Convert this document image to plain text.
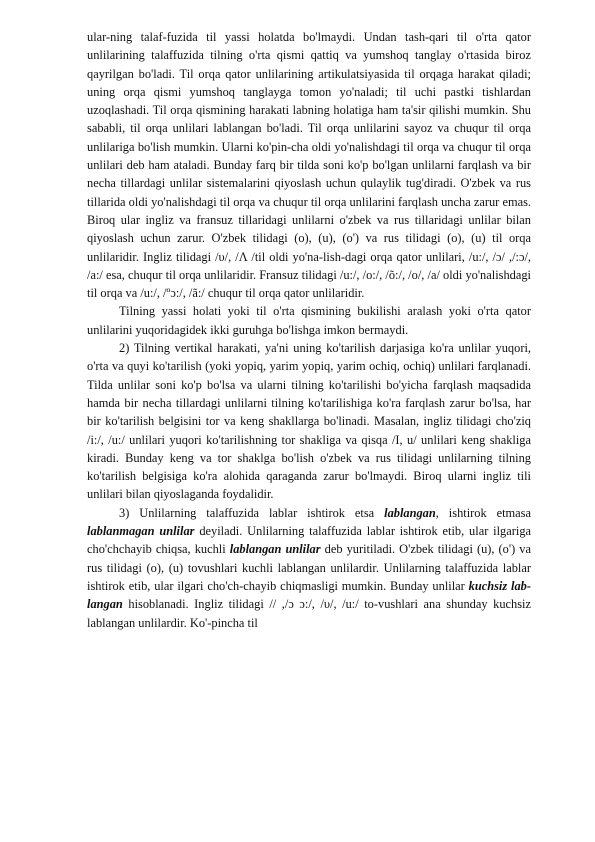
ular-ning talaf-fuzida til yassi holatda bo'lmaydi. Undan tash-qari til o'rta qator unlilarining talaffuzida tilning o'rta qismi qattiq va yumshoq tanglay o'rtasida biroz qayrilgan bo'ladi. Til orqa qator unlilarining artikulatsiyasida til orqaga harakat qiladi; uning orqa qismi yumshoq tanglayga tomon yo'naladi; til uchi pastki tishlardan uzoqlashadi. Til orqa qismining harakati labning holatiga ham ta'sir qilishi mumkin. Shu sababli, til orqa unlilari lablangan bo'ladi. Til orqa unlilarini sayoz va chuqur til orqa unlilariga bo'lish mumkin. Ularni ko'pin-cha oldi yo'nalishdagi til orqa va chuqur til orqa unlilari deb ham ataladi. Bunday farq bir tilda soni ko'p bo'lgan unlilarni farqlash va bir necha tillardagi unlilar sistemalarini qiyoslash uchun qulaylik tug'diradi. O'zbek va rus tillarida oldi yo'nalishdagi til orqa va chuqur til orqa unlilarini farqlash uncha zarur emas. Biroq ular ingliz va fransuz tillaridagi unlilarni o'zbek va rus tillaridagi unlilar bilan qiyoslash uchun zarur. O'zbek tilidagi (o), (u), (o') va rus tilidagi (o), (u) til orqa unlilaridir. Ingliz tilidagi /υ/, /Λ /til oldi yo'na-lish-dagi orqa qator unlilari, /u:/, /ɔ/ ,/:ɔ/, /a:/ esa, chuqur til orqa unlilaridir. Fransuz tilidagi /u:/, /o:/, /õ:/, /o/, /a/ oldi yo'nalishdagi til orqa va /u:/, /ºɔ:/, /ã:/ chuqur til orqa qator unlilaridir.

Tilning yassi holati yoki til o'rta qismining bukilishi aralash yoki o'rta qator unlilarini yuqoridagidek ikki guruhga bo'lishga imkon bermaydi.

2) Tilning vertikal harakati, ya'ni uning ko'tarilish darjasiga ko'ra unlilar yuqori, o'rta va quyi ko'tarilish (yoki yopiq, yarim yopiq, yarim ochiq, ochiq) unlilari farqlanadi. Tilda unlilar soni ko'p bo'lsa va ularni tilning ko'tarilishi bo'yicha farqlash maqsadida hamda bir necha tillardagi unlilarni tilning ko'tarilishiga ko'ra farqlash zarur bo'lsa, har bir ko'tarilish belgisini tor va keng shakllarga bo'linadi. Masalan, ingliz tilidagi cho'ziq /i:/, /u:/ unlilari yuqori ko'tarilishning tor shakliga va qisqa /I, u/ unlilari keng shakliga kiradi. Bunday keng va tor shaklga bo'lish o'zbek va rus tilidagi unlilarning tilning ko'tarilish belgisiga ko'ra alohida qaraganda zarur bo'lmaydi. Biroq ularni ingliz tili unlilari bilan qiyoslaganda foydalidir.

3) Unlilarning talaffuzida lablar ishtirok etsa lablangan, ishtirok etmasa lablanmagan unlilar deyiladi. Unlilarning talaffuzida lablar ishtirok etib, ular ilgariga cho'chchayib chiqsa, kuchli lablangan unlilar deb yuritiladi. O'zbek tilidagi (u), (o') va rus tilidagi (o), (u) tovushlari kuchli lablangan unlilardir. Unlilarning talaffuzida lablar ishtirok etib, ular ilgari cho'ch-chayib chiqmasligi mumkin. Bunday unlilar kuchsiz lab-langan hisoblanadi. Ingliz tilidagi // ,/ɔ ɔ:/, /υ/, /u:/ to-vushlari ana shunday kuchsiz lablangan unlilardir. Ko'-pincha til
